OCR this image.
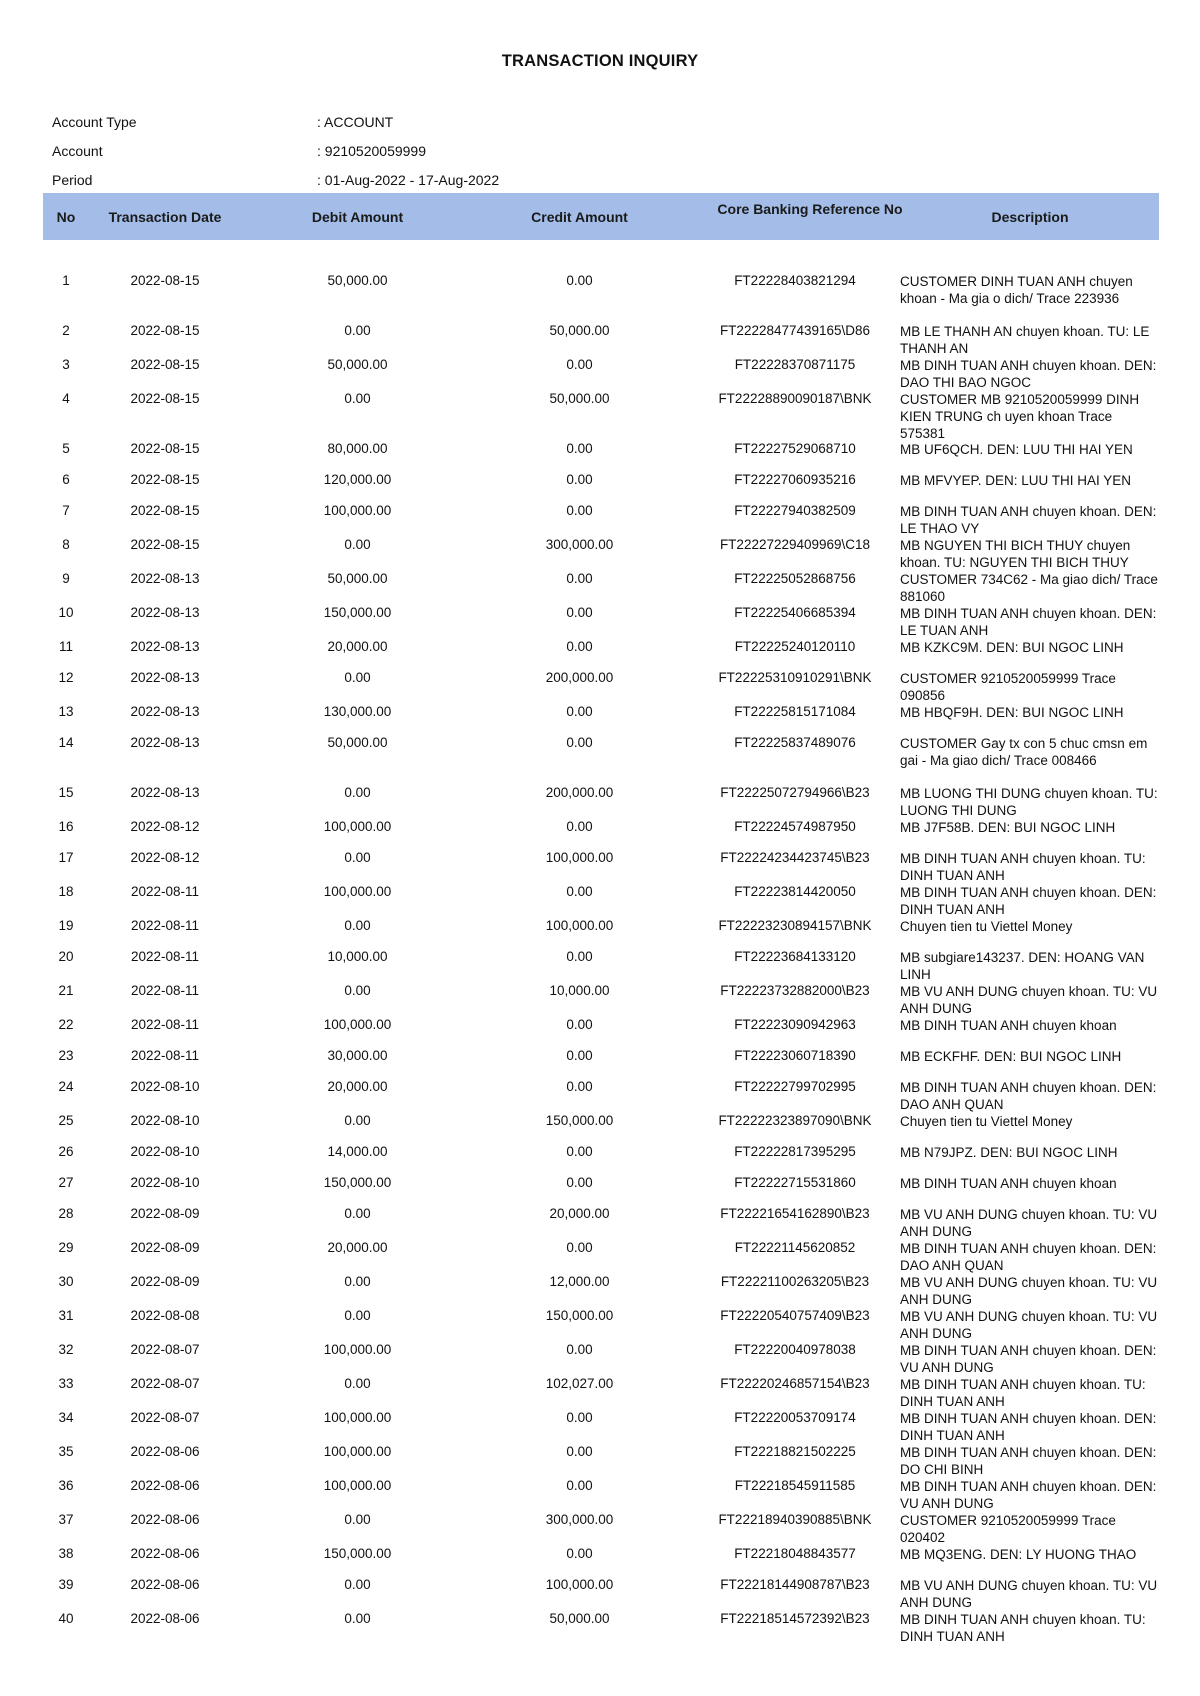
TRANSACTION INQUIRY
Account Type	: ACCOUNT
Account	: 9210520059999
Period	: 01-Aug-2022 - 17-Aug-2022
No	Transaction Date	Debit Amount	Credit Amount	Core Banking Reference No	Description
1	2022-08-15	50,000.00	0.00	FT22228403821294	CUSTOMER DINH TUAN ANH chuyen khoan - Ma gia o dich/ Trace 223936
2	2022-08-15	0.00	50,000.00	FT22228477439165\D86	MB LE THANH AN chuyen khoan. TU: LE THANH AN
3	2022-08-15	50,000.00	0.00	FT22228370871175	MB DINH TUAN ANH chuyen khoan. DEN: DAO THI BAO NGOC
4	2022-08-15	0.00	50,000.00	FT22228890090187\BNK	CUSTOMER MB 9210520059999 DINH KIEN TRUNG ch uyen khoan Trace 575381
5	2022-08-15	80,000.00	0.00	FT22227529068710	MB UF6QCH. DEN: LUU THI HAI YEN
6	2022-08-15	120,000.00	0.00	FT22227060935216	MB MFVYEP. DEN: LUU THI HAI YEN
7	2022-08-15	100,000.00	0.00	FT22227940382509	MB DINH TUAN ANH chuyen khoan. DEN: LE THAO VY
8	2022-08-15	0.00	300,000.00	FT22227229409969\C18	MB NGUYEN THI BICH THUY chuyen khoan. TU: NGUYEN THI BICH THUY
9	2022-08-13	50,000.00	0.00	FT22225052868756	CUSTOMER 734C62 - Ma giao dich/ Trace 881060
10	2022-08-13	150,000.00	0.00	FT22225406685394	MB DINH TUAN ANH chuyen khoan. DEN: LE TUAN ANH
11	2022-08-13	20,000.00	0.00	FT22225240120110	MB KZKC9M. DEN: BUI NGOC LINH
12	2022-08-13	0.00	200,000.00	FT22225310910291\BNK	CUSTOMER 9210520059999 Trace 090856
13	2022-08-13	130,000.00	0.00	FT22225815171084	MB HBQF9H. DEN: BUI NGOC LINH
14	2022-08-13	50,000.00	0.00	FT22225837489076	CUSTOMER Gay tx con 5 chuc cmsn em gai - Ma giao dich/ Trace 008466
15	2022-08-13	0.00	200,000.00	FT22225072794966\B23	MB LUONG THI DUNG chuyen khoan. TU: LUONG THI DUNG
16	2022-08-12	100,000.00	0.00	FT22224574987950	MB J7F58B. DEN: BUI NGOC LINH
17	2022-08-12	0.00	100,000.00	FT22224234423745\B23	MB DINH TUAN ANH chuyen khoan. TU: DINH TUAN ANH
18	2022-08-11	100,000.00	0.00	FT22223814420050	MB DINH TUAN ANH chuyen khoan. DEN: DINH TUAN ANH
19	2022-08-11	0.00	100,000.00	FT22223230894157\BNK	Chuyen tien tu Viettel Money
20	2022-08-11	10,000.00	0.00	FT22223684133120	MB subgiare143237. DEN: HOANG VAN LINH
21	2022-08-11	0.00	10,000.00	FT22223732882000\B23	MB VU ANH DUNG chuyen khoan. TU: VU ANH DUNG
22	2022-08-11	100,000.00	0.00	FT22223090942963	MB DINH TUAN ANH chuyen khoan
23	2022-08-11	30,000.00	0.00	FT22223060718390	MB ECKFHF. DEN: BUI NGOC LINH
24	2022-08-10	20,000.00	0.00	FT22222799702995	MB DINH TUAN ANH chuyen khoan. DEN: DAO ANH QUAN
25	2022-08-10	0.00	150,000.00	FT22222323897090\BNK	Chuyen tien tu Viettel Money
26	2022-08-10	14,000.00	0.00	FT22222817395295	MB N79JPZ. DEN: BUI NGOC LINH
27	2022-08-10	150,000.00	0.00	FT22222715531860	MB DINH TUAN ANH chuyen khoan
28	2022-08-09	0.00	20,000.00	FT22221654162890\B23	MB VU ANH DUNG chuyen khoan. TU: VU ANH DUNG
29	2022-08-09	20,000.00	0.00	FT22221145620852	MB DINH TUAN ANH chuyen khoan. DEN: DAO ANH QUAN
30	2022-08-09	0.00	12,000.00	FT22221100263205\B23	MB VU ANH DUNG chuyen khoan. TU: VU ANH DUNG
31	2022-08-08	0.00	150,000.00	FT22220540757409\B23	MB VU ANH DUNG chuyen khoan. TU: VU ANH DUNG
32	2022-08-07	100,000.00	0.00	FT22220040978038	MB DINH TUAN ANH chuyen khoan. DEN: VU ANH DUNG
33	2022-08-07	0.00	102,027.00	FT22220246857154\B23	MB DINH TUAN ANH chuyen khoan. TU: DINH TUAN ANH
34	2022-08-07	100,000.00	0.00	FT22220053709174	MB DINH TUAN ANH chuyen khoan. DEN: DINH TUAN ANH
35	2022-08-06	100,000.00	0.00	FT22218821502225	MB DINH TUAN ANH chuyen khoan. DEN: DO CHI BINH
36	2022-08-06	100,000.00	0.00	FT22218545911585	MB DINH TUAN ANH chuyen khoan. DEN: VU ANH DUNG
37	2022-08-06	0.00	300,000.00	FT22218940390885\BNK	CUSTOMER 9210520059999 Trace 020402
38	2022-08-06	150,000.00	0.00	FT22218048843577	MB MQ3ENG. DEN: LY HUONG THAO
39	2022-08-06	0.00	100,000.00	FT22218144908787\B23	MB VU ANH DUNG chuyen khoan. TU: VU ANH DUNG
40	2022-08-06	0.00	50,000.00	FT22218514572392\B23	MB DINH TUAN ANH chuyen khoan. TU: DINH TUAN ANH
